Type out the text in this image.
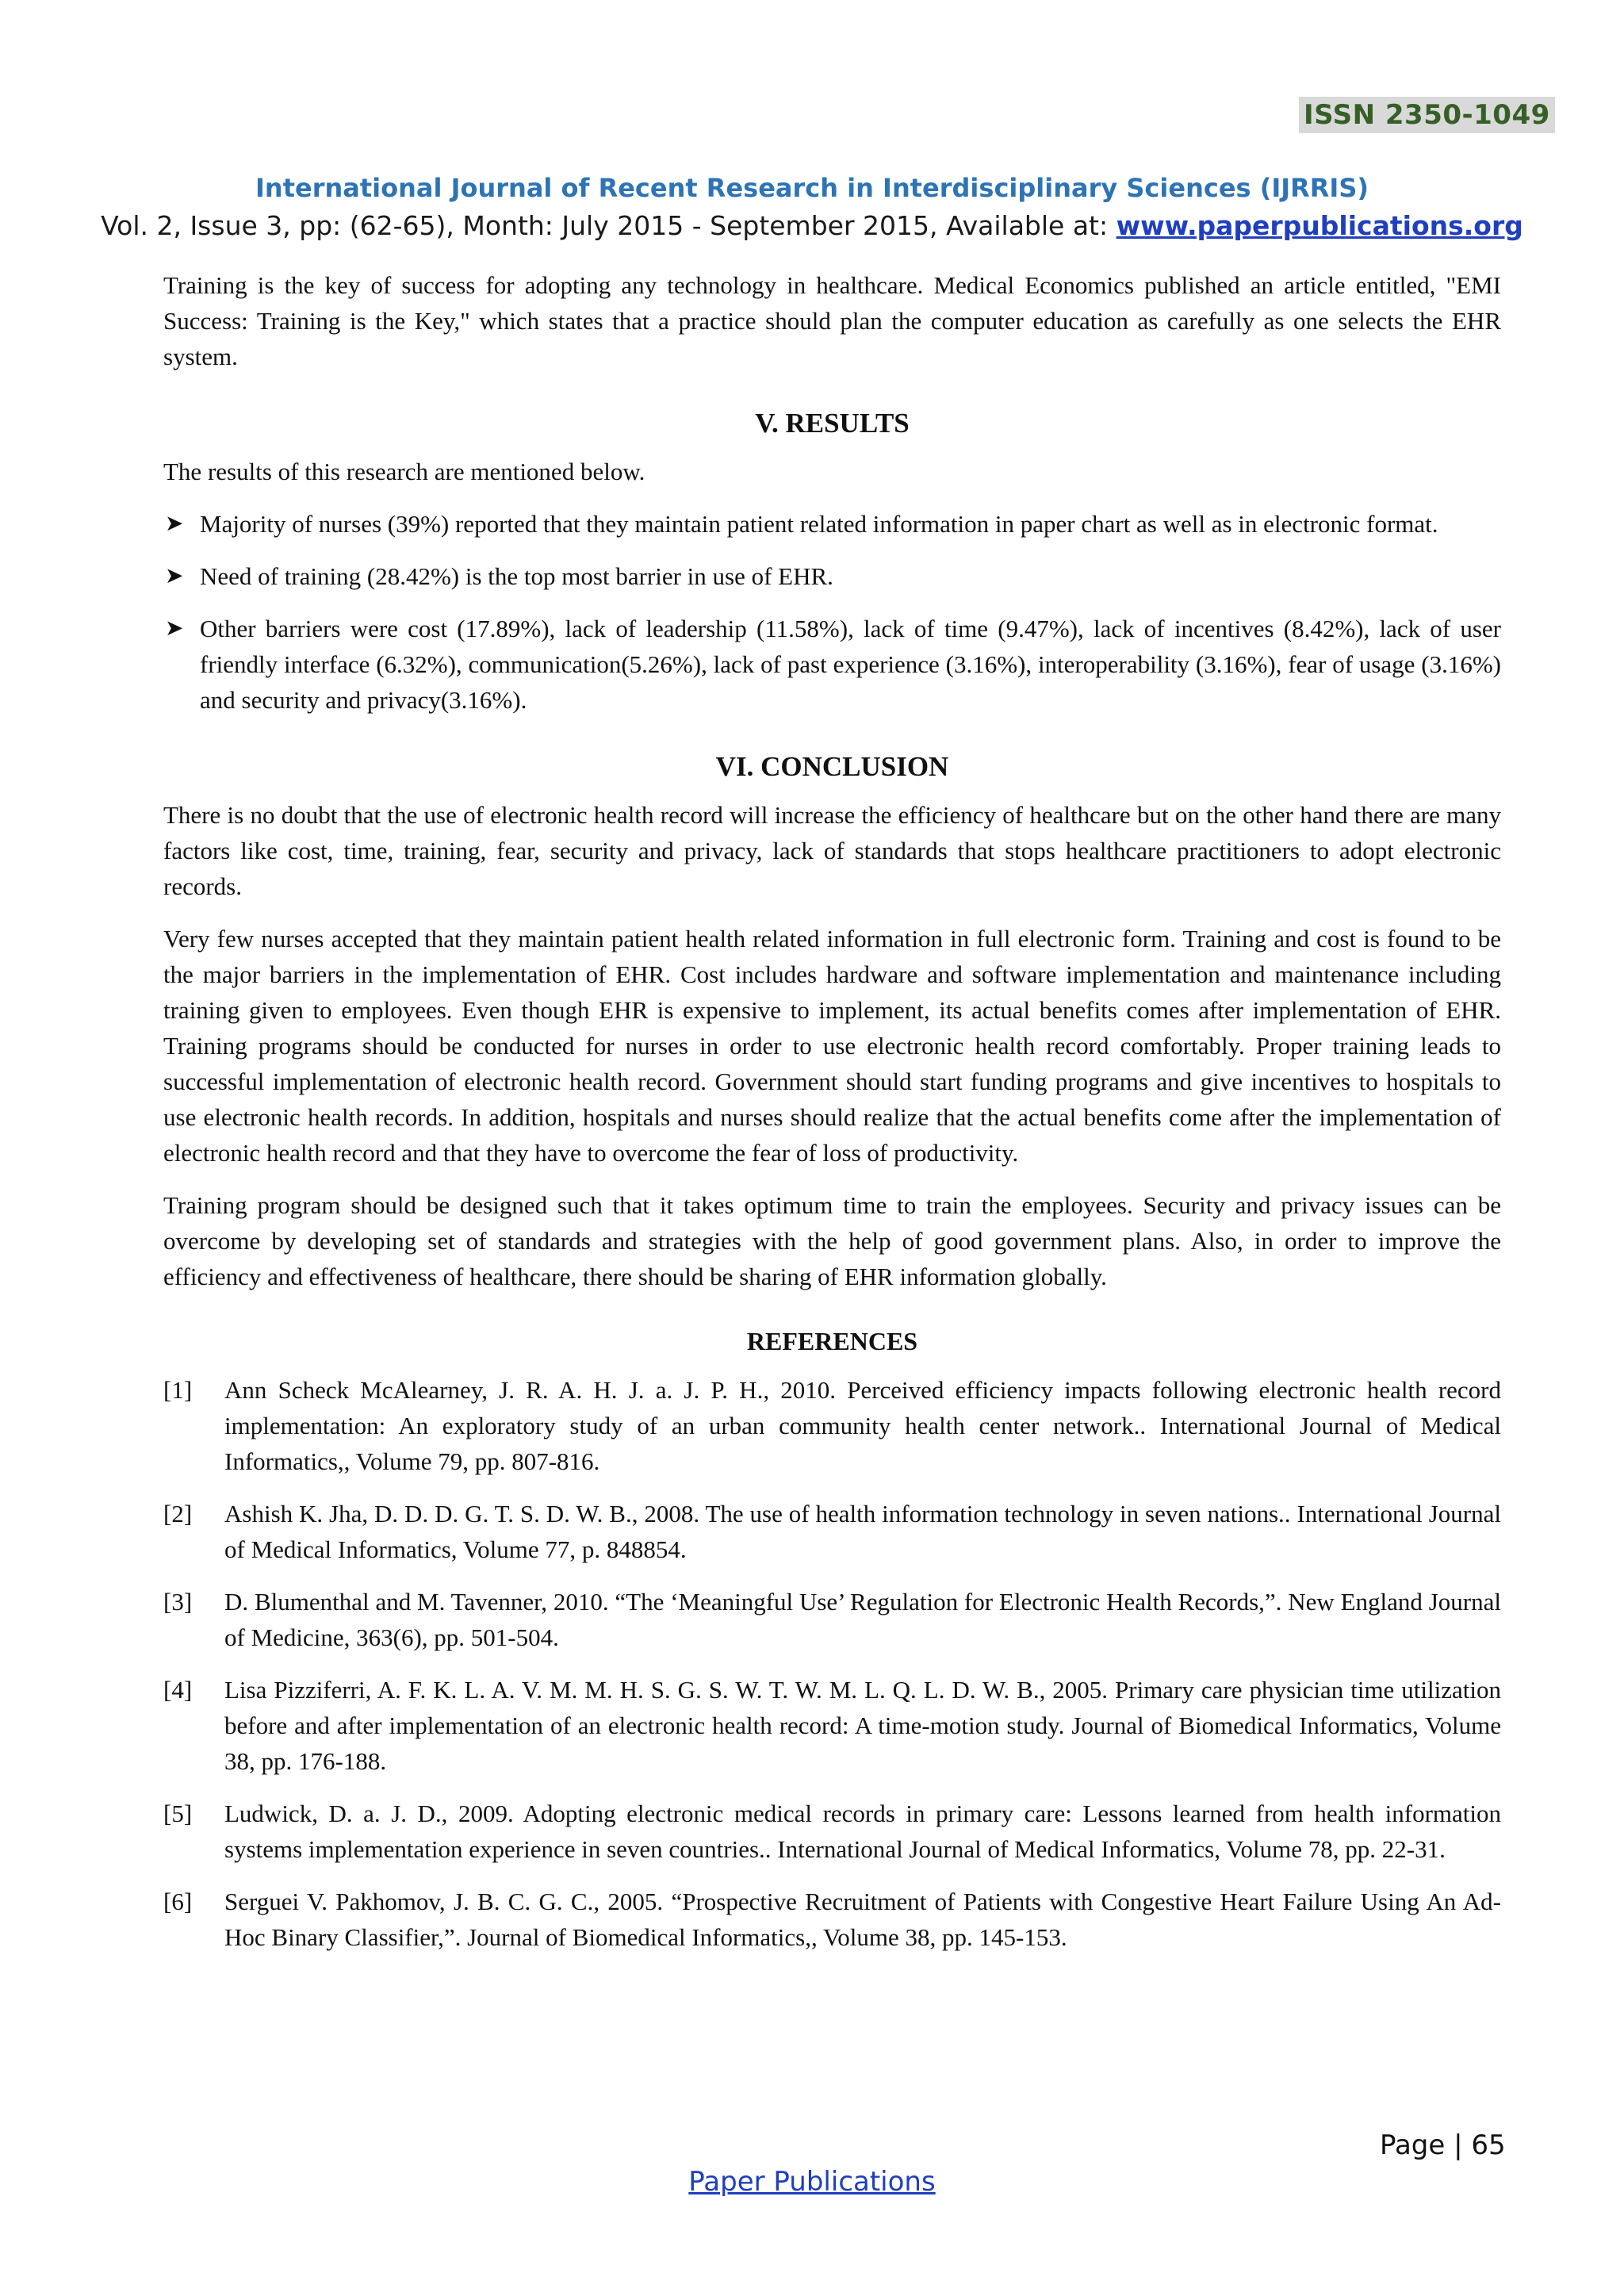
ISSN 2350-1049
International Journal of Recent Research in Interdisciplinary Sciences (IJRRIS)
Vol. 2, Issue 3, pp: (62-65), Month: July 2015 - September 2015, Available at: www.paperpublications.org

Training is the key of success for adopting any technology in healthcare. Medical Economics published an article entitled, "EMI Success: Training is the Key," which states that a practice should plan the computer education as carefully as one selects the EHR system.

V. RESULTS

The results of this research are mentioned below.

➤ Majority of nurses (39%) reported that they maintain patient related information in paper chart as well as in electronic format.
➤ Need of training (28.42%) is the top most barrier in use of EHR.
➤ Other barriers were cost (17.89%), lack of leadership (11.58%), lack of time (9.47%), lack of incentives (8.42%), lack of user friendly interface (6.32%), communication(5.26%), lack of past experience (3.16%), interoperability (3.16%), fear of usage (3.16%) and security and privacy(3.16%).
VI. CONCLUSION

There is no doubt that the use of electronic health record will increase the efficiency of healthcare but on the other hand there are many factors like cost, time, training, fear, security and privacy, lack of standards that stops healthcare practitioners to adopt electronic records.

Very few nurses accepted that they maintain patient health related information in full electronic form. Training and cost is found to be the major barriers in the implementation of EHR. Cost includes hardware and software implementation and maintenance including training given to employees. Even though EHR is expensive to implement, its actual benefits comes after implementation of EHR. Training programs should be conducted for nurses in order to use electronic health record comfortably. Proper training leads to successful implementation of electronic health record. Government should start funding programs and give incentives to hospitals to use electronic health records. In addition, hospitals and nurses should realize that the actual benefits come after the implementation of electronic health record and that they have to overcome the fear of loss of productivity.

Training program should be designed such that it takes optimum time to train the employees. Security and privacy issues can be overcome by developing set of standards and strategies with the help of good government plans. Also, in order to improve the efficiency and effectiveness of healthcare, there should be sharing of EHR information globally.

REFERENCES
[1] Ann Scheck McAlearney, J. R. A. H. J. a. J. P. H., 2010. Perceived efficiency impacts following electronic health record implementation: An exploratory study of an urban community health center network.. International Journal of Medical Informatics,, Volume 79, pp. 807-816.
[2] Ashish K. Jha, D. D. D. G. T. S. D. W. B., 2008. The use of health information technology in seven nations.. International Journal of Medical Informatics, Volume 77, p. 848854.
[3] D. Blumenthal and M. Tavenner, 2010. “The ‘Meaningful Use’ Regulation for Electronic Health Records,”. New England Journal of Medicine, 363(6), pp. 501-504.
[4] Lisa Pizziferri, A. F. K. L. A. V. M. M. H. S. G. S. W. T. W. M. L. Q. L. D. W. B., 2005. Primary care physician time utilization before and after implementation of an electronic health record: A time-motion study. Journal of Biomedical Informatics, Volume 38, pp. 176-188.
[5] Ludwick, D. a. J. D., 2009. Adopting electronic medical records in primary care: Lessons learned from health information systems implementation experience in seven countries.. International Journal of Medical Informatics, Volume 78, pp. 22-31.
[6] Serguei V. Pakhomov, J. B. C. G. C., 2005. “Prospective Recruitment of Patients with Congestive Heart Failure Using An Ad-Hoc Binary Classifier,”. Journal of Biomedical Informatics,, Volume 38, pp. 145-153.
Page | 65
Paper Publications
